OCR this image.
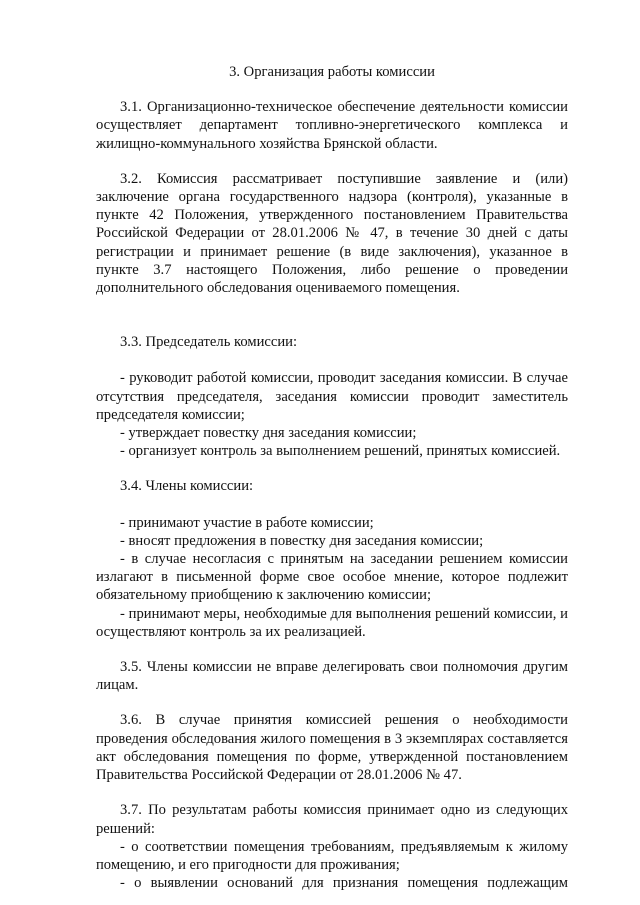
3. Организация работы комиссии

3.1. Организационно-техническое обеспечение деятельности комиссии осуществляет департамент топливно-энергетического комплекса и жилищно-коммунального хозяйства Брянской области.

3.2. Комиссия рассматривает поступившие заявление и (или) заключение органа государственного надзора (контроля), указанные в пункте 42 Положения, утвержденного постановлением Правительства Российской Федерации от 28.01.2006 № 47, в течение 30 дней с даты регистрации и принимает решение (в виде заключения), указанное в пункте 3.7 настоящего Положения, либо решение о проведении дополнительного обследования оцениваемого помещения.

3.3. Председатель комиссии:

- руководит работой комиссии, проводит заседания комиссии. В случае отсутствия председателя, заседания комиссии проводит заместитель председателя комиссии;

- утверждает повестку дня заседания комиссии;

- организует контроль за выполнением решений, принятых комиссией.

3.4. Члены комиссии:

- принимают участие в работе комиссии;

- вносят предложения в повестку дня заседания комиссии;

- в случае несогласия с принятым на заседании решением комиссии излагают в письменной форме свое особое мнение, которое подлежит обязательному приобщению к заключению комиссии;

- принимают меры, необходимые для выполнения решений комиссии, и осуществляют контроль за их реализацией.

3.5. Члены комиссии не вправе делегировать свои полномочия другим лицам.

3.6. В случае принятия комиссией решения о необходимости проведения обследования жилого помещения в 3 экземплярах составляется акт обследования помещения по форме, утвержденной постановлением Правительства Российской Федерации от 28.01.2006 № 47.

3.7. По результатам работы комиссия принимает одно из следующих решений:

- о соответствии помещения требованиям, предъявляемым к жилому помещению, и его пригодности для проживания;

- о выявлении оснований для признания помещения подлежащим
